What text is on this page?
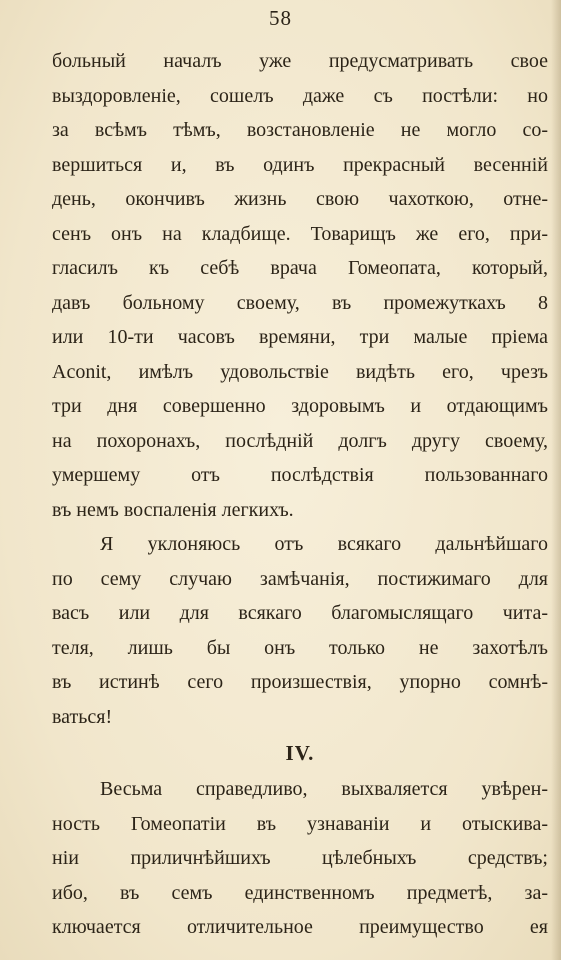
58
больный началъ уже предусматривать свое
выздоровленіе, сошелъ даже съ постѣли: но
за всѣмъ тѣмъ, возстановленіе не могло со-
вершиться и, въ одинъ прекрасный весенній
день, окончивъ жизнь свою чахоткою, отне-
сенъ онъ на кладбище. Товарищъ же его, при-
гласилъ къ себѣ врача Гомеопата, который,
давъ больному своему, въ промежуткахъ 8
или 10-ти часовъ времяни, три малые пріема
Aconit, имѣлъ удовольствіе видѣть его, чрезъ
три дня совершенно здоровымъ и отдающимъ
на похоронахъ, послѣдній долгъ другу своему,
умершему отъ послѣдствія пользованнаго
въ немъ воспаленія легкихъ.
Я уклоняюсь отъ всякаго дальнѣйшаго
по сему случаю замѣчанія, постижимаго для
васъ или для всякаго благомыслящаго чита-
теля, лишь бы онъ только не захотѣлъ
въ истинѣ сего произшествія, упорно сомнѣ-
ваться!
IV.
Весьма справедливо, выхваляется увѣрен-
ность Гомеопатіи въ узнаваніи и отыскива-
ніи приличнѣйшихъ цѣлебныхъ средствъ;
ибо, въ семъ единственномъ предметѣ, за-
ключается отличительное преимущество ея
